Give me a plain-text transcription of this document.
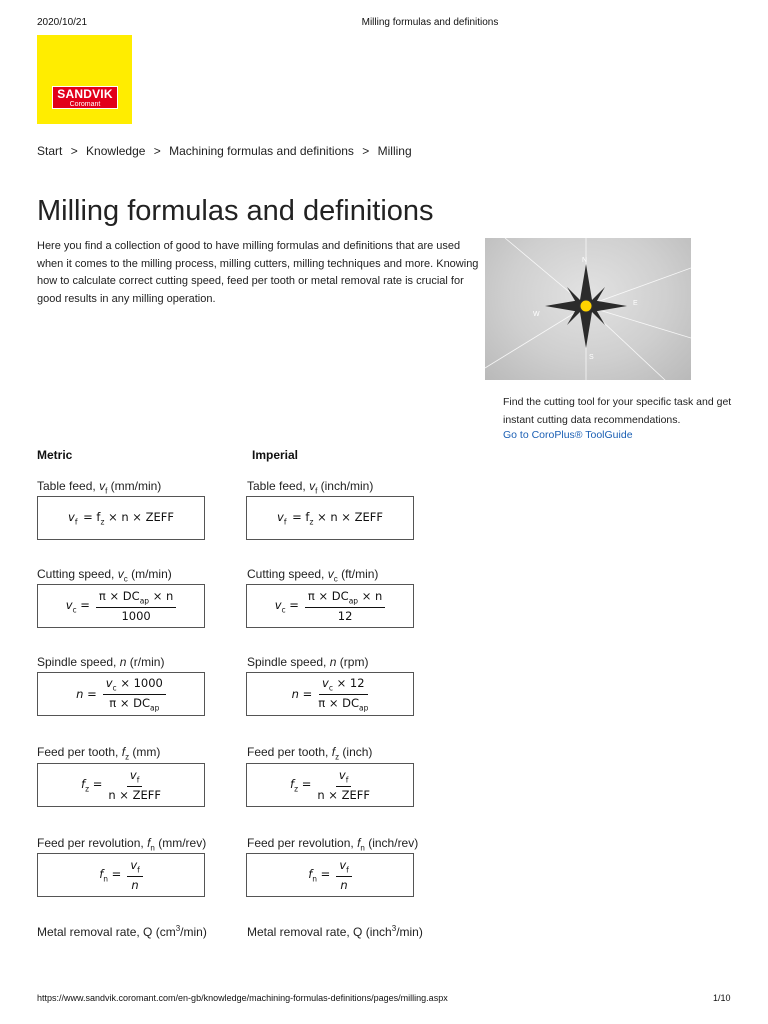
2020/10/21	Milling formulas and definitions
https://www.sandvik.coromant.com/en-gb/knowledge/machining-formulas-definitions/pages/milling.aspx	1/10
SANDVIK
Coromant
Start > Knowledge > Machining formulas and definitions > Milling
Milling formulas and definitions

Here you find a collection of good to have milling formulas and definitions that are used when it comes to the milling process, milling cutters, milling techniques and more. Knowing how to calculate correct cutting speed, feed per tooth or metal removal rate is crucial for good results in any milling operation.

N
E
S
W
Find the cutting tool for your specific task and get instant cutting data recommendations.
Go to CoroPlus® ToolGuide
Metric	Imperial
Table feed, $v_f$ (mm/min)	Table feed, $v_f$ (inch/min)
$v_f = f_z \times n$ × ZEFF	$v_f = f_z \times n$ × ZEFF
Cutting speed, $v_c$ (m/min)	Cutting speed, $v_c$ (ft/min)
$v_c = \frac{\pi \times DC_{ap} \times n}{1000}$	$v_c = \frac{\pi \times DC_{ap} \times n}{12}$
Spindle speed, n (r/min)	Spindle speed, n (rpm)
$n = \frac{v_c \times 1000}{\pi \times DC_{ap}}$	$n = \frac{v_c \times 12}{\pi \times DC_{ap}}$
Feed per tooth, $f_z$ (mm)	Feed per tooth, $f_z$ (inch)
$f_z = \frac{v_f}{\text{n × ZEFF}}$	$f_z = \frac{v_f}{\text{n × ZEFF}}$
Feed per revolution, $f_n$ (mm/rev)	Feed per revolution, $f_n$ (inch/rev)
$f_n = \frac{v_f}{n}$	$f_n = \frac{v_f}{n}$
Metal removal rate, Q $(cm^3/\min)$	Metal removal rate, Q (inch$^3$/min)
